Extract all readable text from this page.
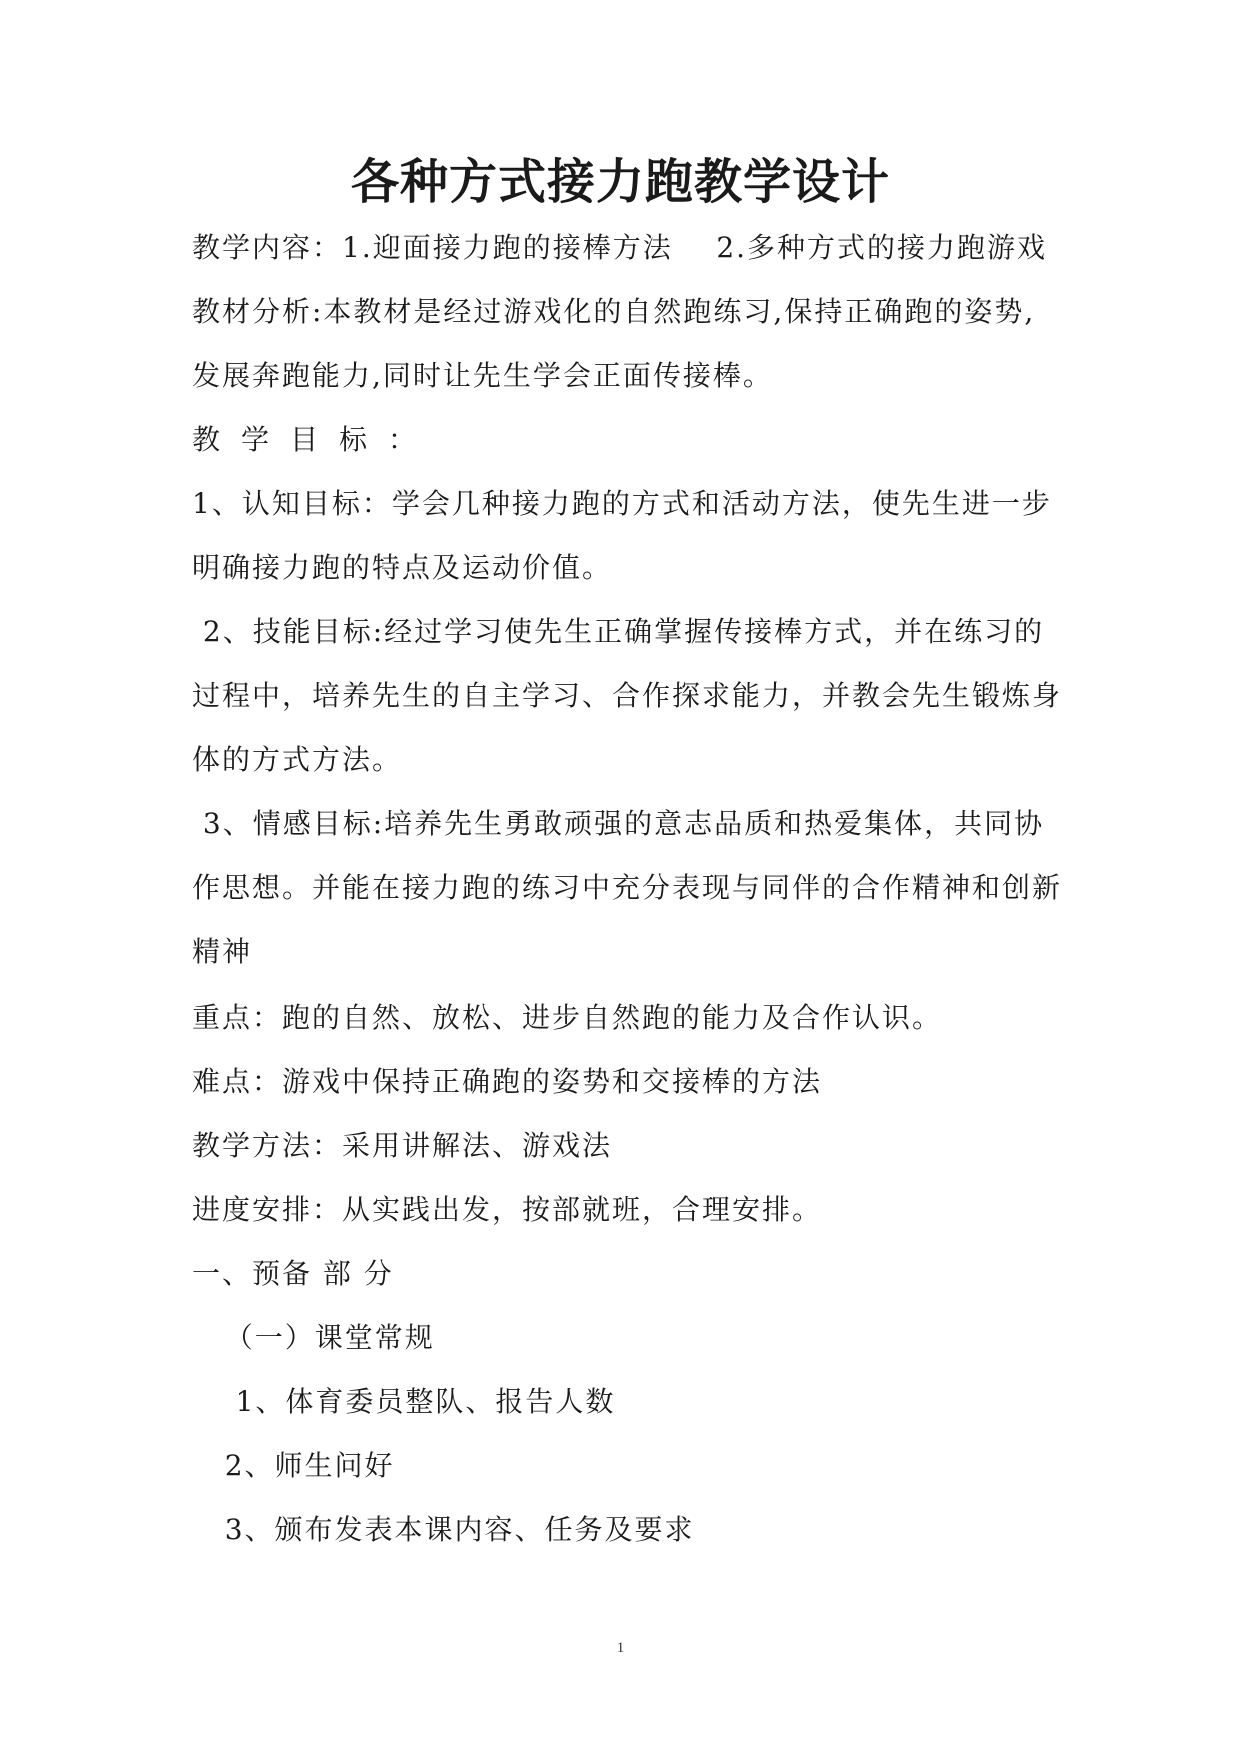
各种方式接力跑教学设计
教学内容：1.迎面接力跑的接棒方法    2.多种方式的接力跑游戏
教材分析:本教材是经过游戏化的自然跑练习,保持正确跑的姿势,
发展奔跑能力,同时让先生学会正面传接棒。
教学目标：
1、认知目标：学会几种接力跑的方式和活动方法，使先生进一步
明确接力跑的特点及运动价值。
2、技能目标:经过学习使先生正确掌握传接棒方式，并在练习的
过程中，培养先生的自主学习、合作探求能力，并教会先生锻炼身
体的方式方法。
3、情感目标:培养先生勇敢顽强的意志品质和热爱集体，共同协
作思想。并能在接力跑的练习中充分表现与同伴的合作精神和创新
精神
重点：跑的自然、放松、进步自然跑的能力及合作认识。
难点：游戏中保持正确跑的姿势和交接棒的方法
教学方法：采用讲解法、游戏法
进度安排：从实践出发，按部就班，合理安排。
一、预备 部 分
（一）课堂常规
1、体育委员整队、报告人数
2、师生问好
3、颁布发表本课内容、任务及要求
1
